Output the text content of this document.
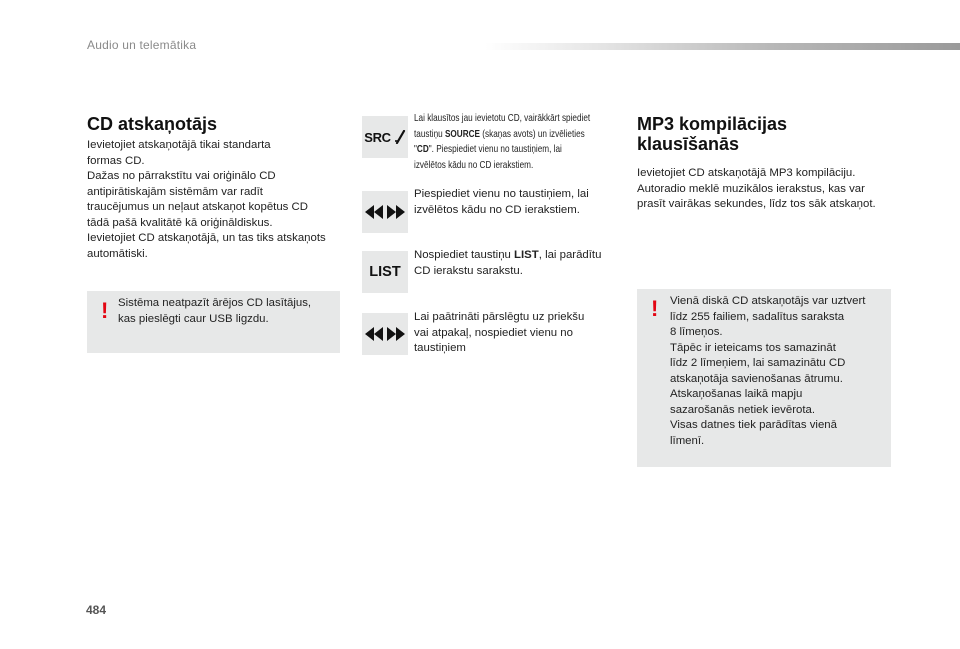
Audio un telemātika
CD atskaņotājs
Ievietojiet atskaņotājā tikai standarta
formas CD.
Dažas no pārrakstītu vai oriģinālo CD
antipirātiskajām sistēmām var radīt
traucējumus un neļaut atskaņot kopētus CD
tādā pašā kvalitātē kā oriģināldiskus.
Ievietojiet CD atskaņotājā, un tas tiks atskaņots
automātiski.
! Sistēma neatpazīt ārējos CD lasītājus,
kas pieslēgti caur USB ligzdu.
SRC
Lai klausītos jau ievietotu CD, vairākkārt spiediet
taustiņu SOURCE (skaņas avots) un izvēlieties
"CD". Piespiediet vienu no taustiņiem, lai
izvēlētos kādu no CD ierakstiem.
Piespiediet vienu no taustiņiem, lai
izvēlētos kādu no CD ierakstiem.
LIST
Nospiediet taustiņu LIST, lai parādītu
CD ierakstu sarakstu.
Lai paātrināti pārslēgtu uz priekšu
vai atpakaļ, nospiediet vienu no
taustiņiem
MP3 kompilācijas
klausīšanās
Ievietojiet CD atskaņotājā MP3 kompilāciju.
Autoradio meklē muzikālos ierakstus, kas var
prasīt vairākas sekundes, līdz tos sāk atskaņot.
! Vienā diskā CD atskaņotājs var uztvert
līdz 255 failiem, sadalītus saraksta
8 līmeņos.
Tāpēc ir ieteicams tos samazināt
līdz 2 līmeņiem, lai samazinātu CD
atskaņotāja savienošanas ātrumu.
Atskaņošanas laikā mapju
sazarošanās netiek ievērota.
Visas datnes tiek parādītas vienā
līmenī.
484
